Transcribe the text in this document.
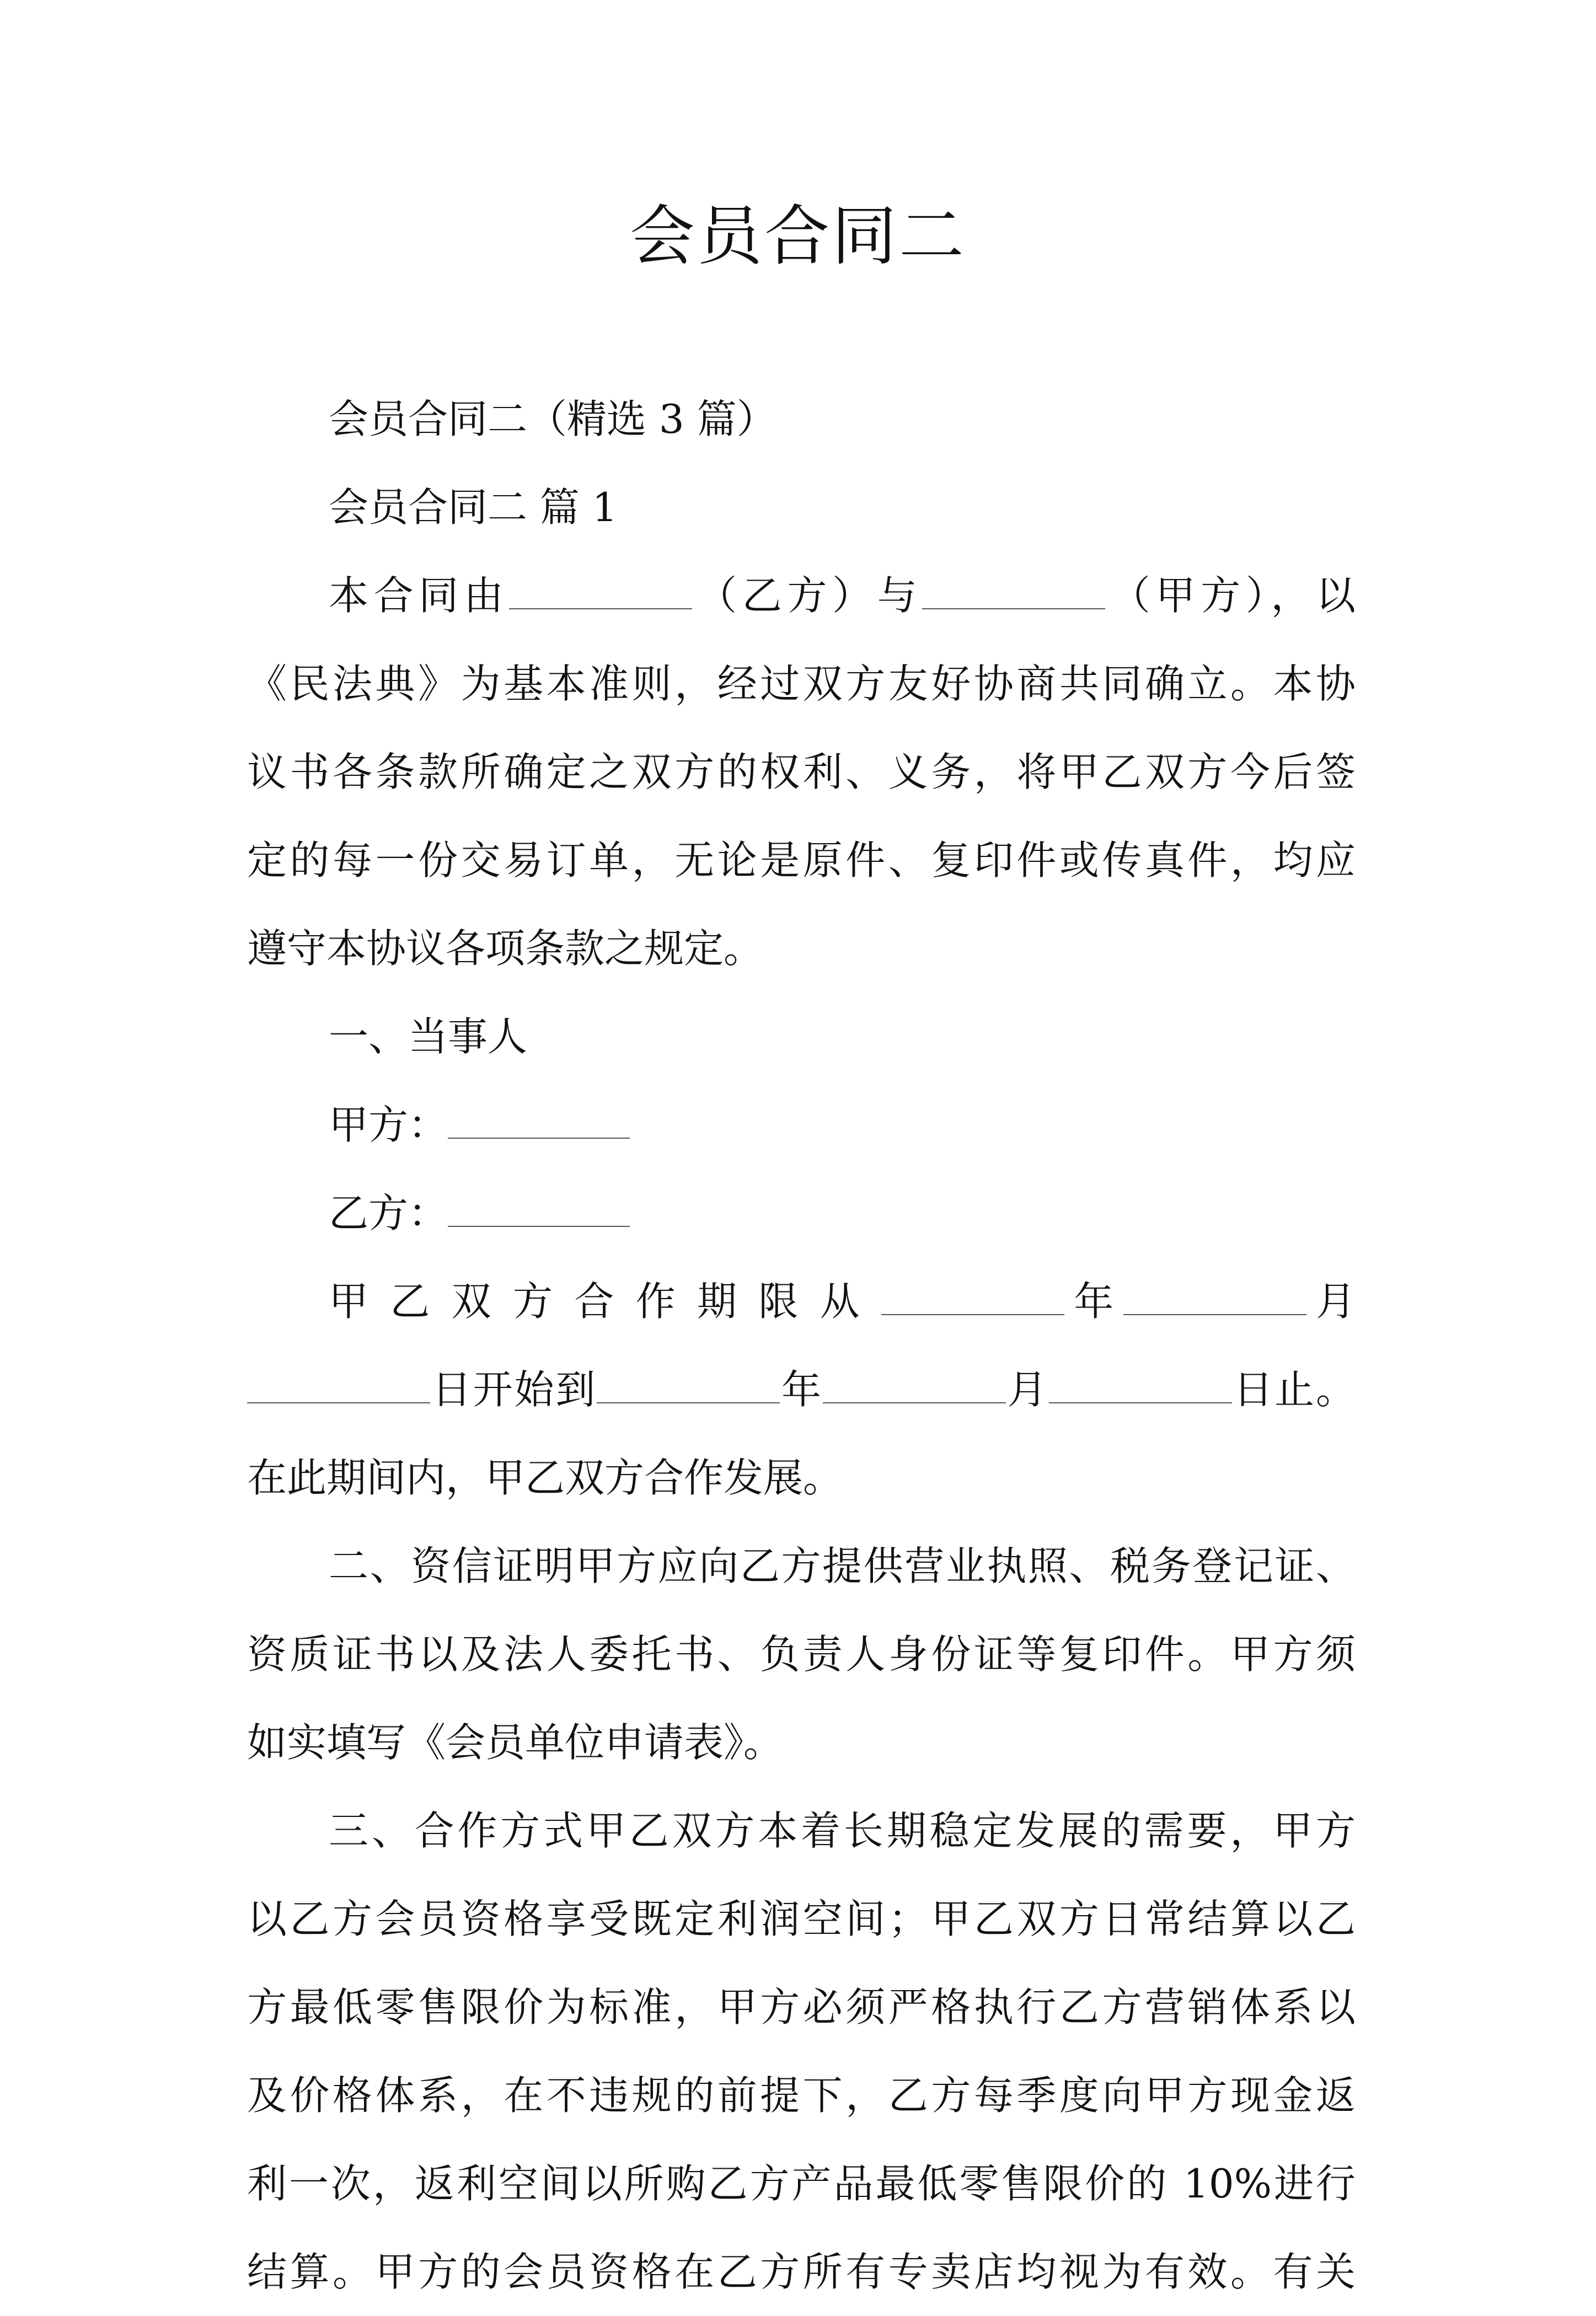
会员合同二
会员合同二（精选 3 篇）
会员合同二 篇 1
本合同由	（乙方）与	（甲方），以
《民法典》为基本准则，经过双方友好协商共同确立。本协
议书各条款所确定之双方的权利、义务，将甲乙双方今后签
定的每一份交易订单，无论是原件、复印件或传真件，均应
遵守本协议各项条款之规定。
一、当事人
甲方：
乙方：
甲乙双方合作期限从	年	月
日开始到	年	月	日止。
在此期间内，甲乙双方合作发展。
二、资信证明甲方应向乙方提供营业执照、税务登记证、
资质证书以及法人委托书、负责人身份证等复印件。甲方须
如实填写《会员单位申请表》。
三、合作方式甲乙双方本着长期稳定发展的需要，甲方
以乙方会员资格享受既定利润空间；甲乙双方日常结算以乙
方最低零售限价为标准，甲方必须严格执行乙方营销体系以
及价格体系，在不违规的前提下，乙方每季度向甲方现金返
利一次，返利空间以所购乙方产品最低零售限价的 10%进行
结算。甲方的会员资格在乙方所有专卖店均视为有效。有关
